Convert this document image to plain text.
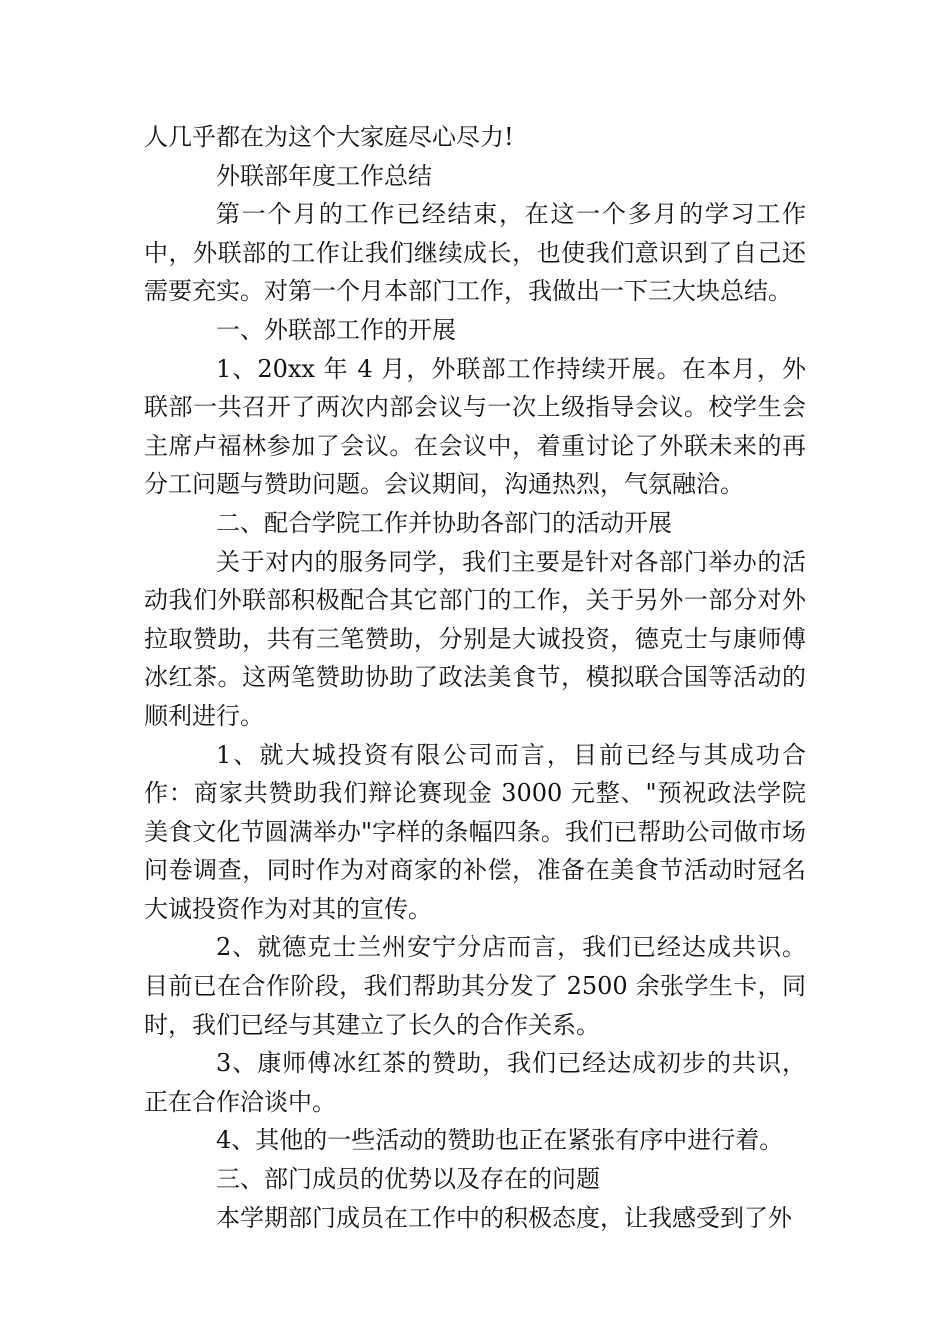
人几乎都在为这个大家庭尽心尽力!

外联部年度工作总结

第一个月的工作已经结束，在这一个多月的学习工作中，外联部的工作让我们继续成长，也使我们意识到了自己还需要充实。对第一个月本部门工作，我做出一下三大块总结。

一、外联部工作的开展

1、20xx 年 4 月，外联部工作持续开展。在本月，外联部一共召开了两次内部会议与一次上级指导会议。校学生会主席卢福林参加了会议。在会议中，着重讨论了外联未来的再分工问题与赞助问题。会议期间，沟通热烈，气氛融洽。

二、配合学院工作并协助各部门的活动开展

关于对内的服务同学，我们主要是针对各部门举办的活动我们外联部积极配合其它部门的工作，关于另外一部分对外拉取赞助，共有三笔赞助，分别是大诚投资，德克士与康师傅冰红茶。这两笔赞助协助了政法美食节，模拟联合国等活动的顺利进行。

1、就大城投资有限公司而言，目前已经与其成功合作：商家共赞助我们辩论赛现金 3000 元整、"预祝政法学院美食文化节圆满举办"字样的条幅四条。我们已帮助公司做市场问卷调查，同时作为对商家的补偿，准备在美食节活动时冠名大诚投资作为对其的宣传。

2、就德克士兰州安宁分店而言，我们已经达成共识。目前已在合作阶段，我们帮助其分发了 2500 余张学生卡，同时，我们已经与其建立了长久的合作关系。

3、康师傅冰红茶的赞助，我们已经达成初步的共识，正在合作洽谈中。

4、其他的一些活动的赞助也正在紧张有序中进行着。

三、部门成员的优势以及存在的问题

本学期部门成员在工作中的积极态度，让我感受到了外
